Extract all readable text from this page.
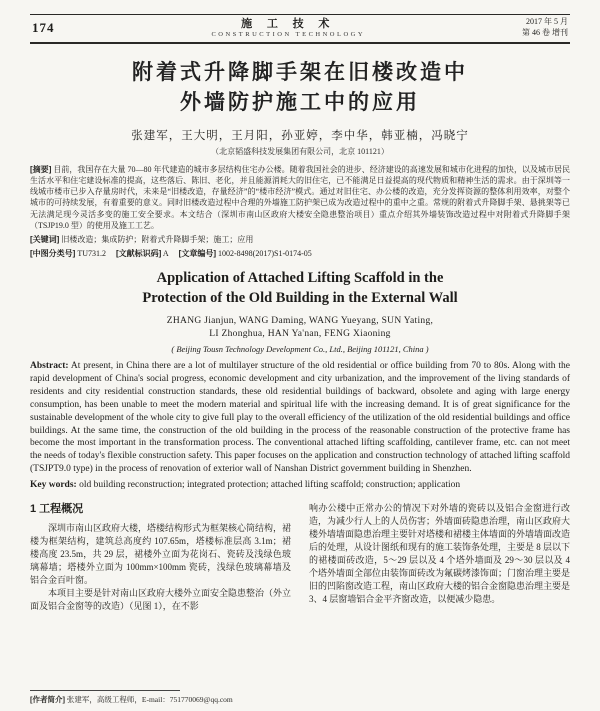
174	施 工 技 术
CONSTRUCTION TECHNOLOGY
2017 年 5 月
第 46 卷 增刊
附着式升降脚手架在旧楼改造中
外墙防护施工中的应用
张建军，王大明，王月阳，孙亚婷，李中华，韩亚楠，冯晓宁
（北京韬盛科技发展集团有限公司，北京 101121）
[摘要] 目前，我国存在大量 70—80 年代建造的城市多层结构住宅办公楼。随着我国社会的进步、经济建设的高速发展和城市化进程的加快，以及城市居民生活水平和住宅建设标准的提高，这些落后、陈旧、老化，并且能源消耗大的旧住宅，已不能满足日益提高的现代物质和精神生活的需求。由于深圳等一线城市楼市已步入存量房时代，未来是“旧楼改造，存量经济”的“楼市经济”模式。通过对旧住宅、办公楼的改造，充分发挥资源的整体利用效率，对整个城市的可持续发展，有着重要的意义。同时旧楼改造过程中合理的外墙施工防护架已成为改造过程中的重中之重。常规的附着式升降脚手架、悬挑架等已无法满足现今灵活多变的施工安全要求。本文结合（深圳市南山区政府大楼安全隐患整治项目）重点介绍其外墙装饰改造过程中对附着式升降脚手架（TSJP19.0 型）的使用及施工工艺。
[关键词] 旧楼改造；集成防护；附着式升降脚手架；施工；应用
[中图分类号] TU731.2 [文献标识码] A [文章编号] 1002-8498(2017)S1-0174-05
Application of Attached Lifting Scaffold in the
Protection of the Old Building in the External Wall
ZHANG Jianjun, WANG Daming, WANG Yueyang, SUN Yating,
LI Zhonghua, HAN Ya'nan, FENG Xiaoning
( Beijing Tousn Technology Development Co., Ltd., Beijing 101121, China )
Abstract: At present, in China there are a lot of multilayer structure of the old residential or office building from 70 to 80s. Along with the rapid development of China's social progress, economic development and city urbanization, and the improvement of the living standards of residents and city residential construction standards, these old residential buildings of backward, obsolete and aging with large energy consumption, has been unable to meet the modern material and spiritual life with the increasing demand. It is of great significance for the sustainable development of the whole city to give full play to the overall efficiency of the utilization of the old residential buildings and office buildings. At the same time, the construction of the old building in the process of the reasonable construction of the protective frame has become the most important in the transformation process. The conventional attached lifting scaffolding, cantilever frame, etc. can not meet the needs of today's flexible construction safety. This paper focuses on the application and construction technology of attached lifting scaffold (TSJPT9.0 type) in the process of renovation of exterior wall of Nanshan District government building in Shenzhen.
Key words: old building reconstruction; integrated protection; attached lifting scaffold; construction; application
1 工程概况

深圳市南山区政府大楼，塔楼结构形式为框架核心筒结构，裙楼为框架结构，建筑总高度约 107.65m，塔楼标准层高 3.1m；裙楼高度 23.5m，共 29 层，裙楼外立面为花岗石、瓷砖及浅绿色玻璃幕墙；塔楼外立面为 100mm×100mm 瓷砖，浅绿色玻璃幕墙及铝合金百叶窗。

本项目主要是针对南山区政府大楼外立面安全隐患整治（外立面及铝合金窗等的改造）（见图 1），在不影

响办公楼中正常办公的情况下对外墙的瓷砖以及铝合金窗进行改造，为减少行人上的人员伤害；外墙面砖隐患治理，南山区政府大楼外墙墙面隐患治理主要针对塔楼和裙楼主体墙面的外墙墙面改造后的处理，从设计图纸和现有的施工装饰条处理，主要是 8 层以下的裙楼面砖改造，5～29 层以及 4 个塔外墙面及 29～30 层以及 4 个塔外墙面全部位由装饰面砖改为氟碳烤漆饰面；门窗治理主要是旧的凹陷窗改造工程，南山区政府大楼的铝合金窗隐患治理主要是 3、4 层窗墙铝合金平齐窗改造，以便减少隐患。

[作者简介] 张建军，高级工程师，E-mail：751770069@qq.com
